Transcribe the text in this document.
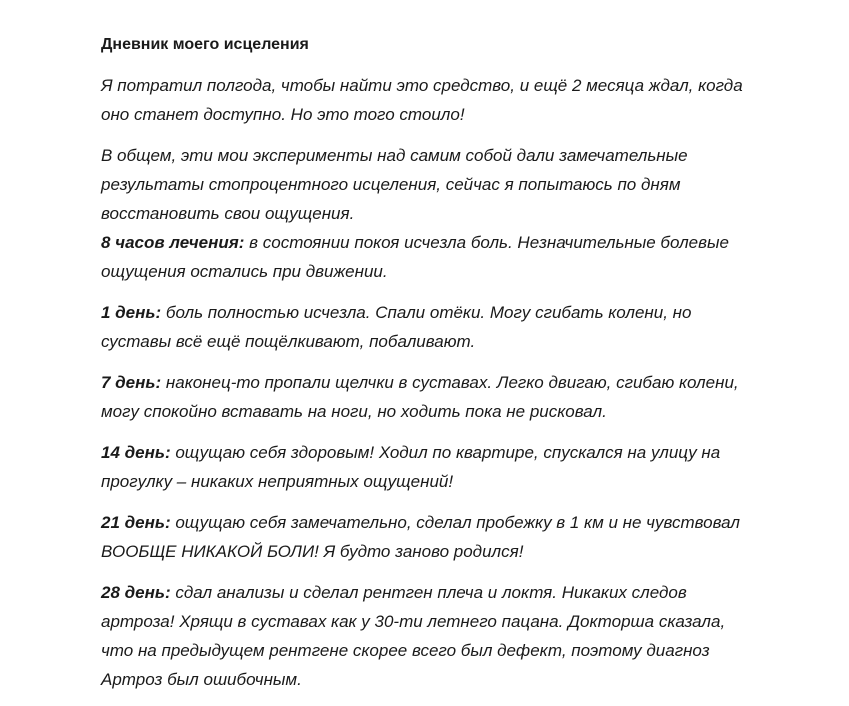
Дневник моего исцеления

Я потратил полгода, чтобы найти это средство, и ещё 2 месяца ждал, когда оно станет доступно. Но это того стоило!

В общем, эти мои эксперименты над самим собой дали замечательные результаты стопроцентного исцеления, сейчас я попытаюсь по дням восстановить свои ощущения.

8 часов лечения: в состоянии покоя исчезла боль. Незначительные болевые ощущения остались при движении.

1 день: боль полностью исчезла. Спали отёки. Могу сгибать колени, но суставы всё ещё пощёлкивают, побаливают.

7 день: наконец-то пропали щелчки в суставах. Легко двигаю, сгибаю колени, могу спокойно вставать на ноги, но ходить пока не рисковал.

14 день: ощущаю себя здоровым! Ходил по квартире, спускался на улицу на прогулку – никаких неприятных ощущений!

21 день: ощущаю себя замечательно, сделал пробежку в 1 км и не чувствовал ВООБЩЕ НИКАКОЙ БОЛИ! Я будто заново родился!

28 день: сдал анализы и сделал рентген плеча и локтя. Никаких следов артроза! Хрящи в суставах как у 30-ти летнего пацана. Докторша сказала, что на предыдущем рентгене скорее всего был дефект, поэтому диагноз Артроз был ошибочным.
